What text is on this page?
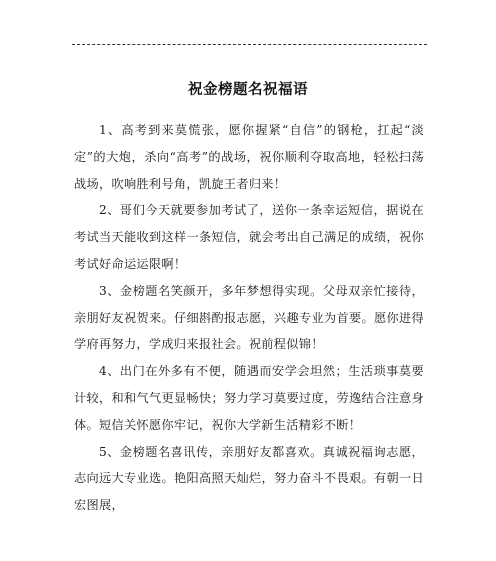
祝金榜题名祝福语

1、高考到来莫慌张，愿你握紧“自信”的钢枪，扛起“淡定”的大炮，杀向“高考”的战场，祝你顺利夺取高地，轻松扫荡战场，吹响胜利号角，凯旋王者归来！

2、哥们今天就要参加考试了，送你一条幸运短信，据说在考试当天能收到这样一条短信，就会考出自己满足的成绩，祝你考试好命运运限啊！

3、金榜题名笑颜开，多年梦想得实现。父母双亲忙接待，亲朋好友祝贺来。仔细斟酌报志愿，兴趣专业为首要。愿你进得学府再努力，学成归来报社会。祝前程似锦！

4、出门在外多有不便，随遇而安学会坦然；生活琐事莫要计较，和和气气更显畅快；努力学习莫要过度，劳逸结合注意身体。短信关怀愿你牢记，祝你大学新生活精彩不断！

5、金榜题名喜讯传，亲朋好友都喜欢。真诚祝福询志愿，志向远大专业选。艳阳高照天灿烂，努力奋斗不畏艰。有朝一日宏图展，
